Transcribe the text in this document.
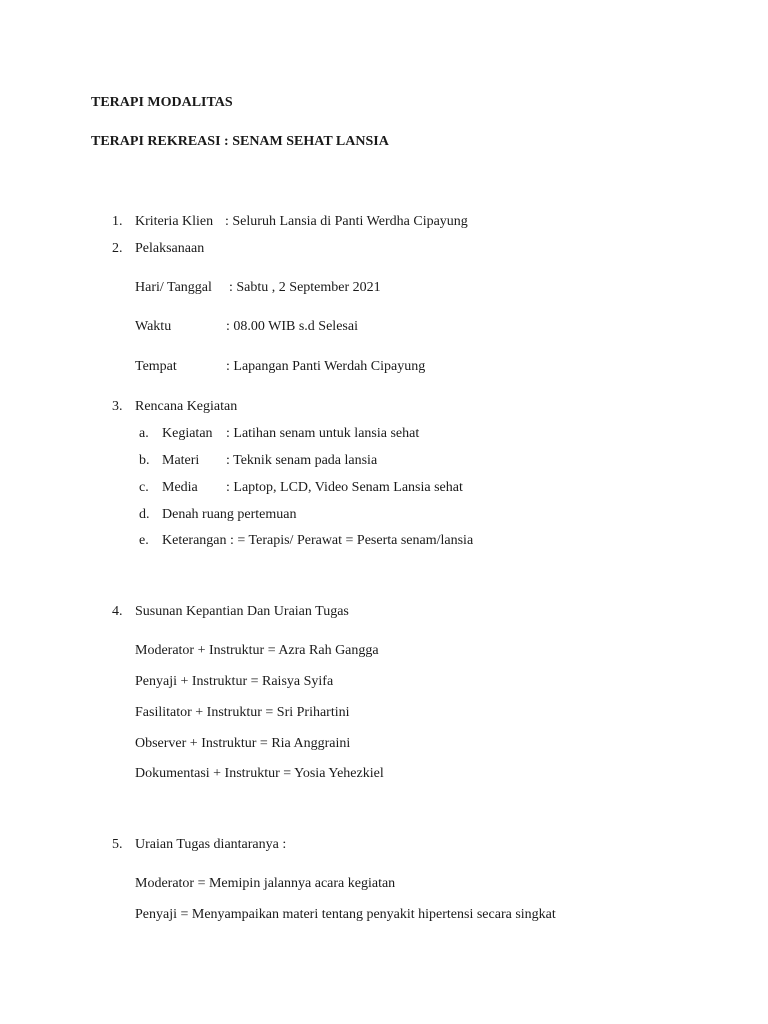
TERAPI MODALITAS
TERAPI REKREASI : SENAM SEHAT LANSIA
1. Kriteria Klien : Seluruh Lansia di Panti Werdha Cipayung
2. Pelaksanaan
Hari/ Tanggal : Sabtu , 2 September 2021
Waktu	: 08.00 WIB s.d Selesai
Tempat	: Lapangan Panti Werdah Cipayung
3. Rencana Kegiatan
a. Kegiatan : Latihan senam untuk lansia sehat
b. Materi : Teknik senam pada lansia
c. Media : Laptop, LCD, Video Senam Lansia sehat
d. Denah ruang pertemuan
e. Keterangan : = Terapis/ Perawat = Peserta senam/lansia
4. Susunan Kepantian Dan Uraian Tugas
Moderator + Instruktur = Azra Rah Gangga
Penyaji + Instruktur = Raisya Syifa
Fasilitator + Instruktur = Sri Prihartini
Observer + Instruktur = Ria Anggraini
Dokumentasi + Instruktur = Yosia Yehezkiel
5. Uraian Tugas diantaranya :
Moderator = Memipin jalannya acara kegiatan
Penyaji = Menyampaikan materi tentang penyakit hipertensi secara singkat
